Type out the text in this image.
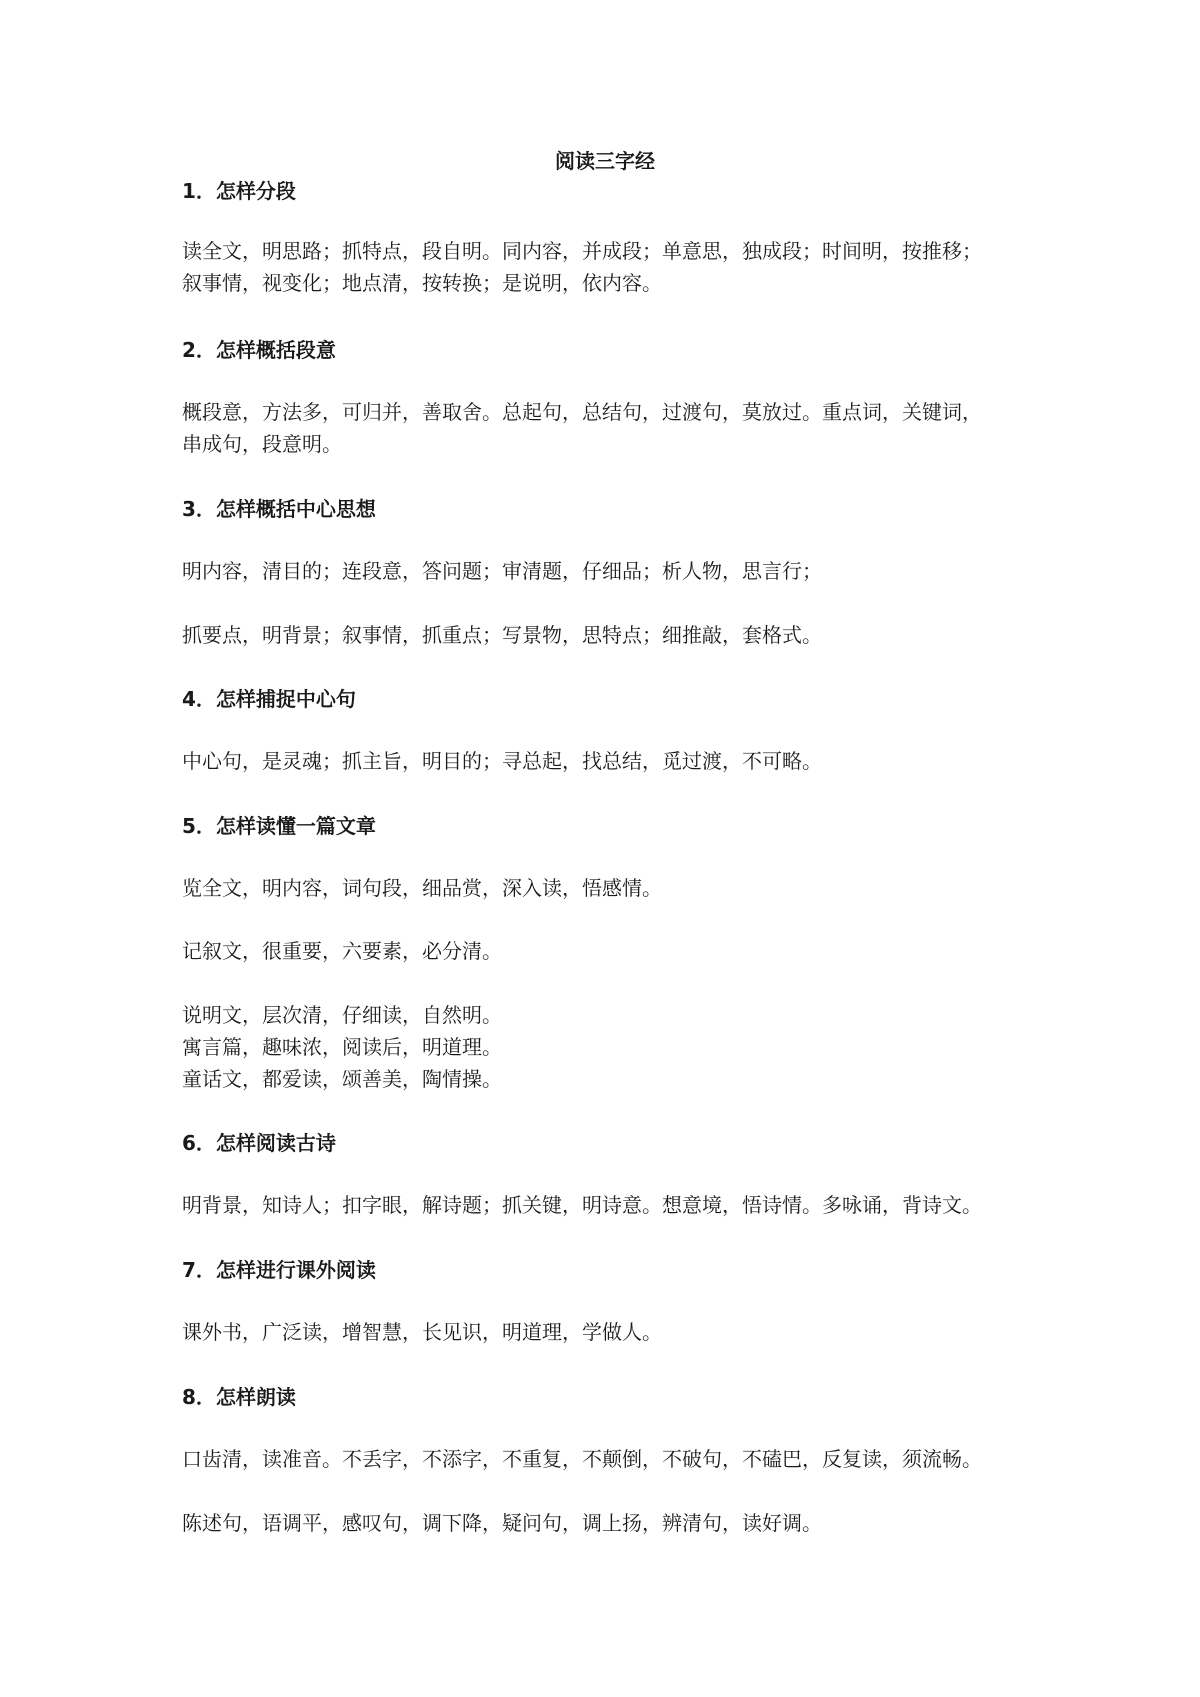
阅读三字经
1．怎样分段
读全文，明思路；抓特点，段自明。同内容，并成段；单意思，独成段；时间明，按推移；
叙事情，视变化；地点清，按转换；是说明，依内容。
2．怎样概括段意
概段意，方法多，可归并，善取舍。总起句，总结句，过渡句，莫放过。重点词，关键词，
串成句，段意明。
3．怎样概括中心思想
明内容，清目的；连段意，答问题；审清题，仔细品；析人物，思言行；
抓要点，明背景；叙事情，抓重点；写景物，思特点；细推敲，套格式。
4．怎样捕捉中心句
中心句，是灵魂；抓主旨，明目的；寻总起，找总结，觅过渡，不可略。
5．怎样读懂一篇文章
览全文，明内容，词句段，细品赏，深入读，悟感情。
记叙文，很重要，六要素，必分清。
说明文，层次清，仔细读，自然明。
寓言篇，趣味浓，阅读后，明道理。
童话文，都爱读，颂善美，陶情操。
6．怎样阅读古诗
明背景，知诗人；扣字眼，解诗题；抓关键，明诗意。想意境，悟诗情。多咏诵，背诗文。
7．怎样进行课外阅读
课外书，广泛读，增智慧，长见识，明道理，学做人。
8．怎样朗读
口齿清，读准音。不丢字，不添字，不重复，不颠倒，不破句，不磕巴，反复读，须流畅。
陈述句，语调平，感叹句，调下降，疑问句，调上扬，辨清句，读好调。
